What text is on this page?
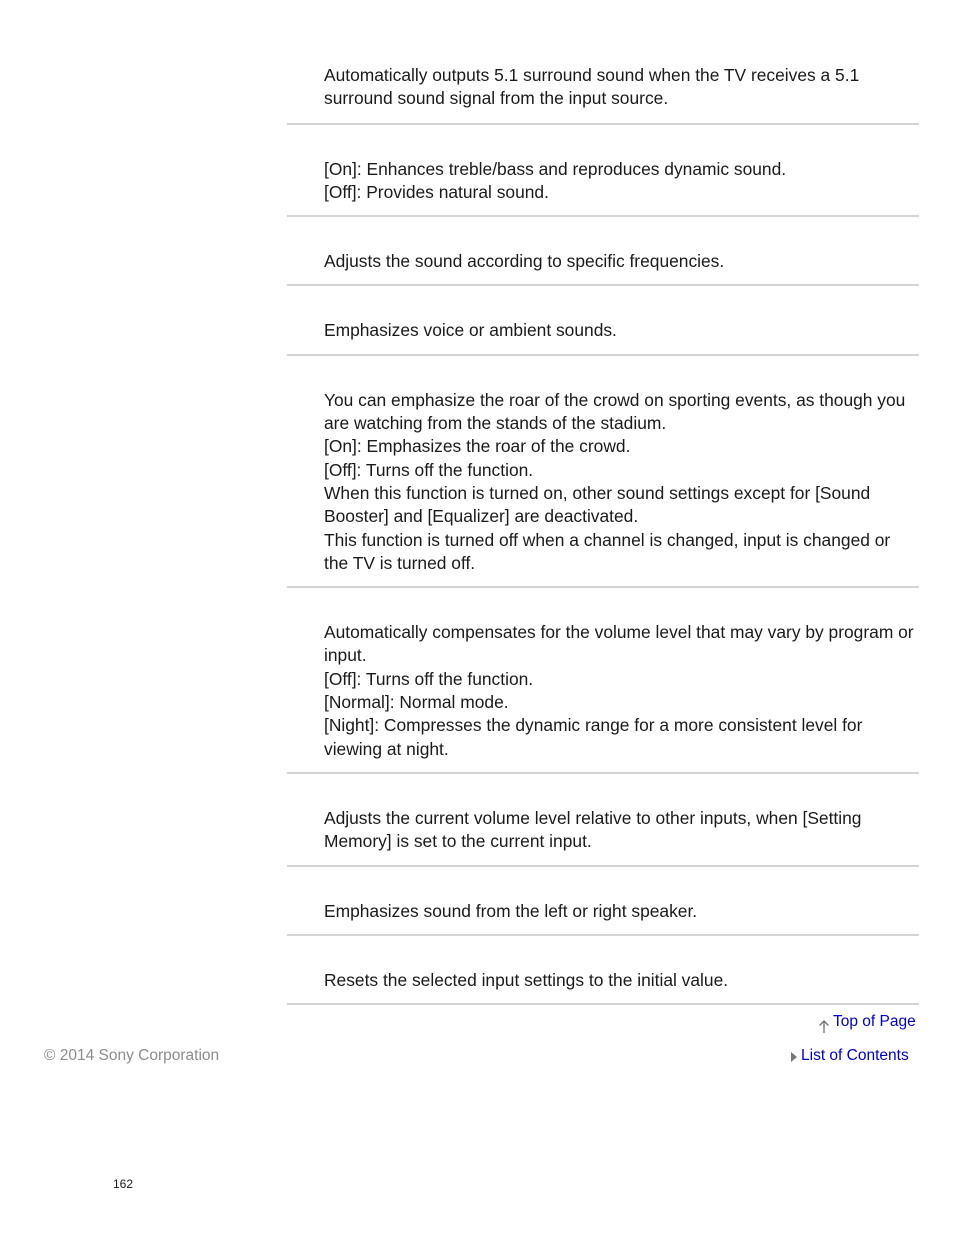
Automatically outputs 5.1 surround sound when the TV receives a 5.1 surround sound signal from the input source.

[On]: Enhances treble/bass and reproduces dynamic sound.

[Off]: Provides natural sound.

Adjusts the sound according to specific frequencies.

Emphasizes voice or ambient sounds.

You can emphasize the roar of the crowd on sporting events, as though you are watching from the stands of the stadium.

[On]: Emphasizes the roar of the crowd.

[Off]: Turns off the function.

When this function is turned on, other sound settings except for [Sound Booster] and [Equalizer] are deactivated.

This function is turned off when a channel is changed, input is changed or the TV is turned off.

Automatically compensates for the volume level that may vary by program or input.

[Off]: Turns off the function.

[Normal]: Normal mode.

[Night]: Compresses the dynamic range for a more consistent level for viewing at night.

Adjusts the current volume level relative to other inputs, when [Setting Memory] is set to the current input.

Emphasizes sound from the left or right speaker.

Resets the selected input settings to the initial value.

Top of Page
List of Contents
© 2014 Sony Corporation
162
